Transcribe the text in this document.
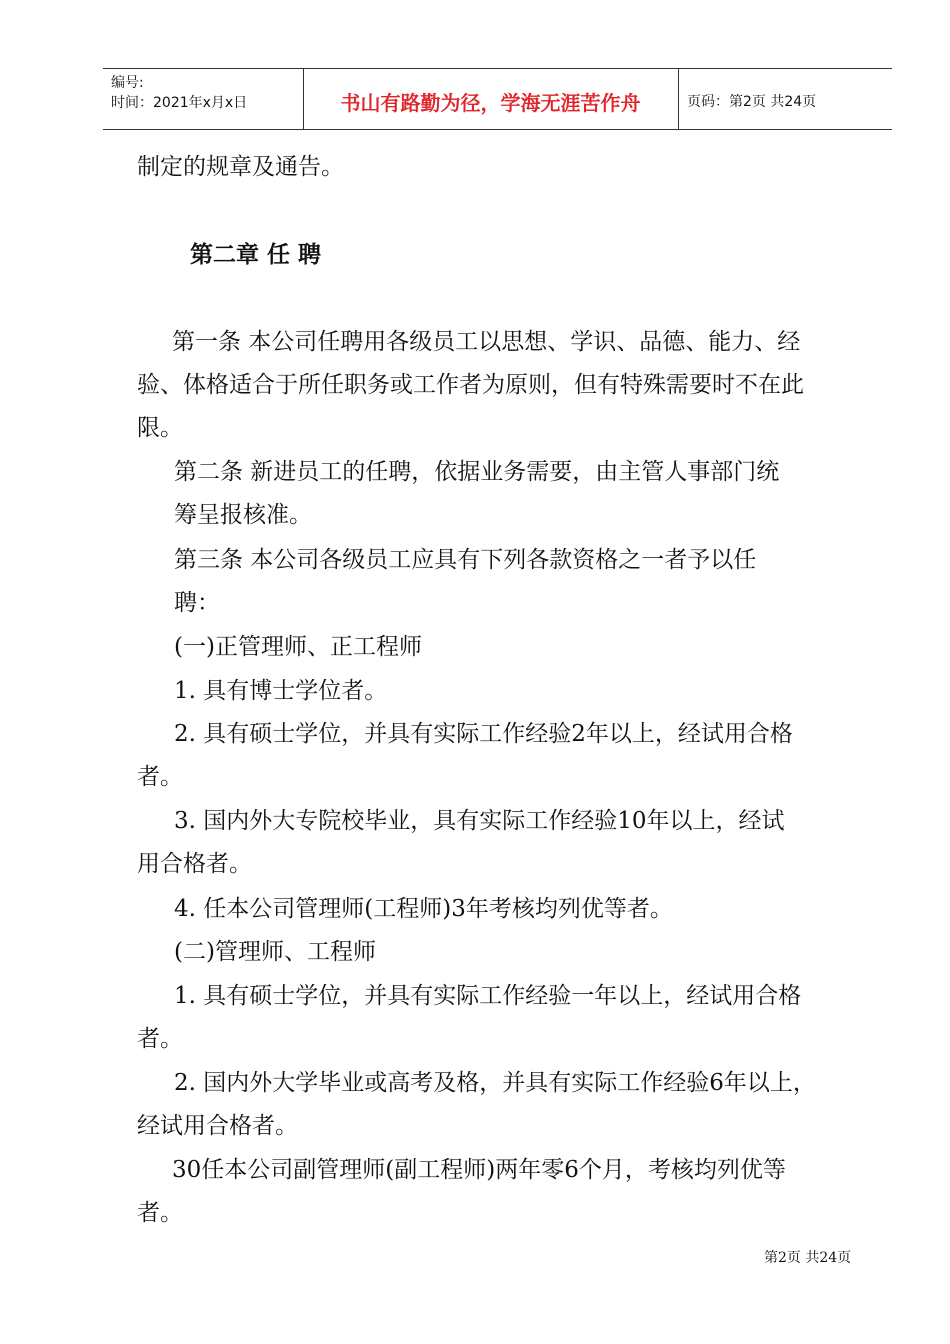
编号:
时间：2021年x月x日	书山有路勤为径，学海无涯苦作舟	页码：第2页 共24页
制定的规章及通告。
第二章 任 聘
第一条 本公司任聘用各级员工以思想、学识、品德、能力、经
验、体格适合于所任职务或工作者为原则，但有特殊需要时不在此
限。
第二条 新进员工的任聘，依据业务需要，由主管人事部门统
筹呈报核准。
第三条 本公司各级员工应具有下列各款资格之一者予以任
聘：
(一)正管理师、正工程师
1. 具有博士学位者。
2. 具有硕士学位，并具有实际工作经验2年以上，经试用合格
者。
3. 国内外大专院校毕业，具有实际工作经验10年以上，经试
用合格者。
4. 任本公司管理师(工程师)3年考核均列优等者。
(二)管理师、工程师
1. 具有硕士学位，并具有实际工作经验一年以上，经试用合格
者。
2. 国内外大学毕业或高考及格，并具有实际工作经验6年以上，
经试用合格者。
30任本公司副管理师(副工程师)两年零6个月，考核均列优等
者。
第2页 共24页
